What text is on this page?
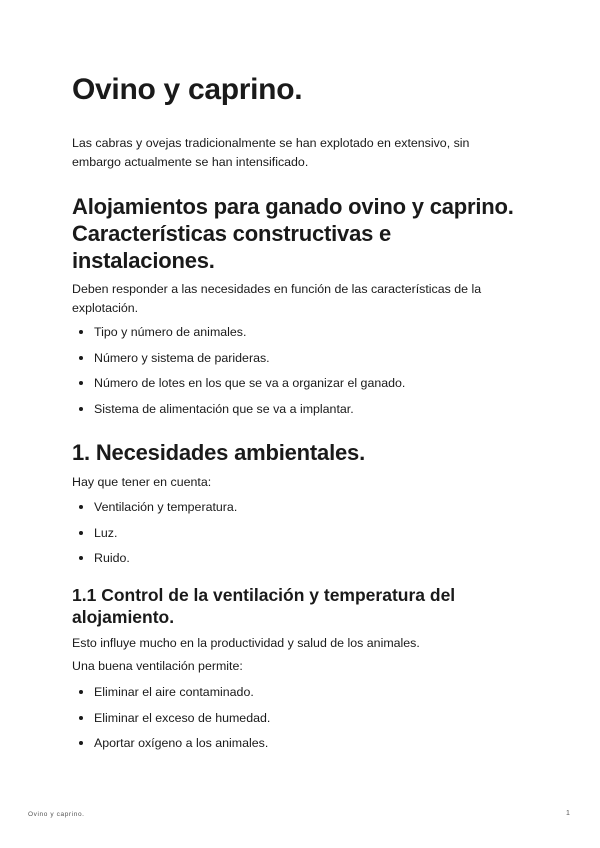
Ovino y caprino.

Las cabras y ovejas tradicionalmente se han explotado en extensivo, sin embargo actualmente se han intensificado.

Alojamientos para ganado ovino y caprino. Características constructivas e instalaciones.

Deben responder a las necesidades en función de las características de la explotación.

Tipo y número de animales.
Número y sistema de parideras.
Número de lotes en los que se va a organizar el ganado.
Sistema de alimentación que se va a implantar.
1. Necesidades ambientales.

Hay que tener en cuenta:

Ventilación y temperatura.
Luz.
Ruido.
1.1 Control de la ventilación y temperatura del alojamiento.

Esto influye mucho en la productividad y salud de los animales.

Una buena ventilación permite:

Eliminar el aire contaminado.
Eliminar el exceso de humedad.
Aportar oxígeno a los animales.
Ovino y caprino.	1
